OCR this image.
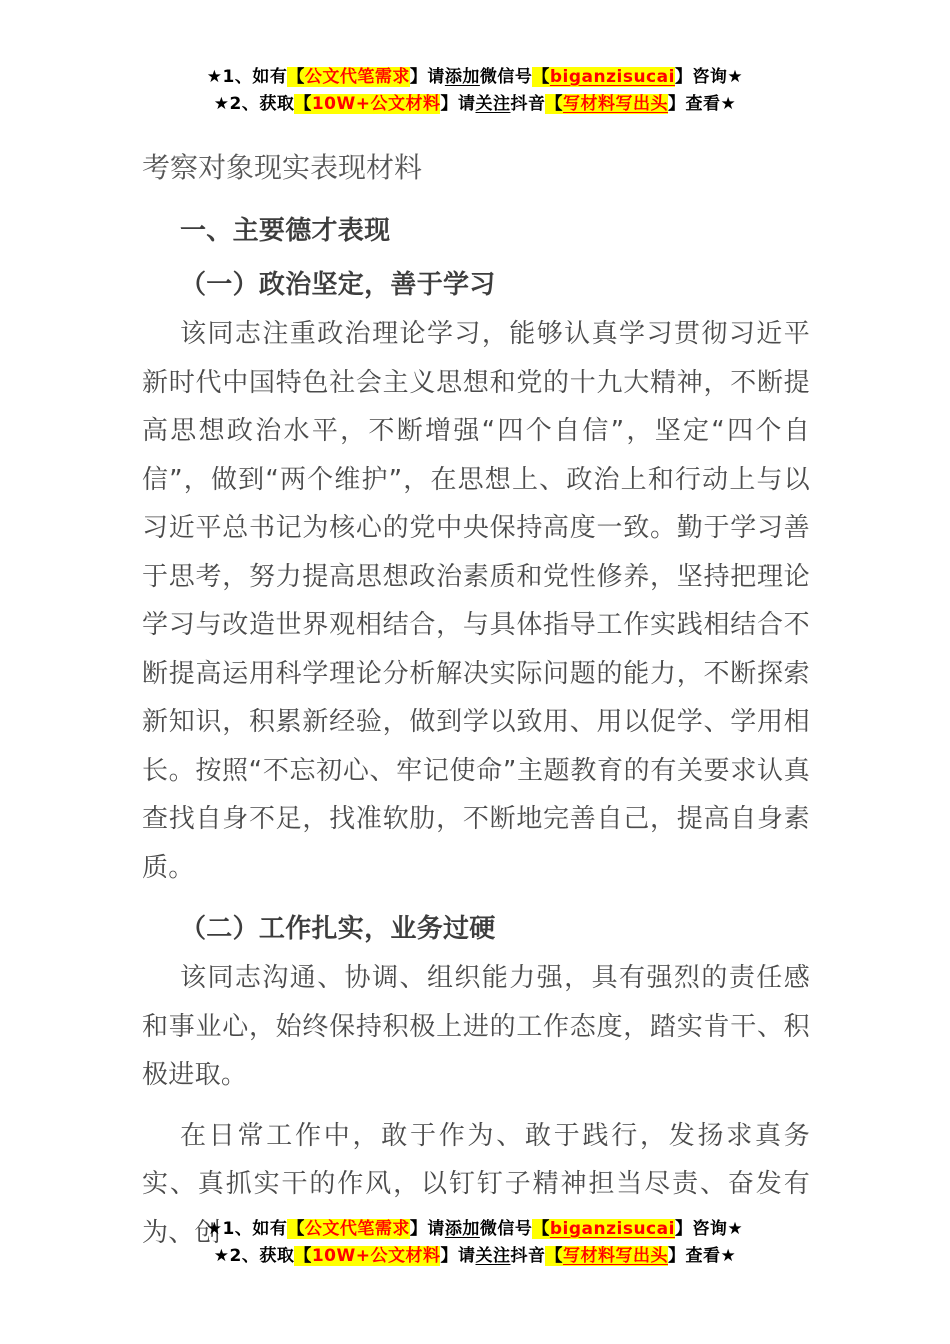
★1、如有【公文代笔需求】请添加微信号【biganzisucai】咨询★
★2、获取【10W+公文材料】请关注抖音【写材料写出头】查看★
考察对象现实表现材料
一、主要德才表现
（一）政治坚定，善于学习

该同志注重政治理论学习，能够认真学习贯彻习近平新时代中国特色社会主义思想和党的十九大精神，不断提高思想政治水平，不断增强“四个自信”，坚定“四个自信”，做到“两个维护”，在思想上、政治上和行动上与以习近平总书记为核心的党中央保持高度一致。勤于学习善于思考，努力提高思想政治素质和党性修养，坚持把理论学习与改造世界观相结合，与具体指导工作实践相结合不断提高运用科学理论分析解决实际问题的能力，不断探索新知识，积累新经验，做到学以致用、用以促学、学用相长。按照“不忘初心、牢记使命”主题教育的有关要求认真查找自身不足，找准软肋，不断地完善自己，提高自身素质。

（二）工作扎实，业务过硬

该同志沟通、协调、组织能力强，具有强烈的责任感和事业心，始终保持积极上进的工作态度，踏实肯干、积极进取。

在日常工作中，敢于作为、敢于践行，发扬求真务实、真抓实干的作风，以钉钉子精神担当尽责、奋发有为、创

★1、如有【公文代笔需求】请添加微信号【biganzisucai】咨询★
★2、获取【10W+公文材料】请关注抖音【写材料写出头】查看★
